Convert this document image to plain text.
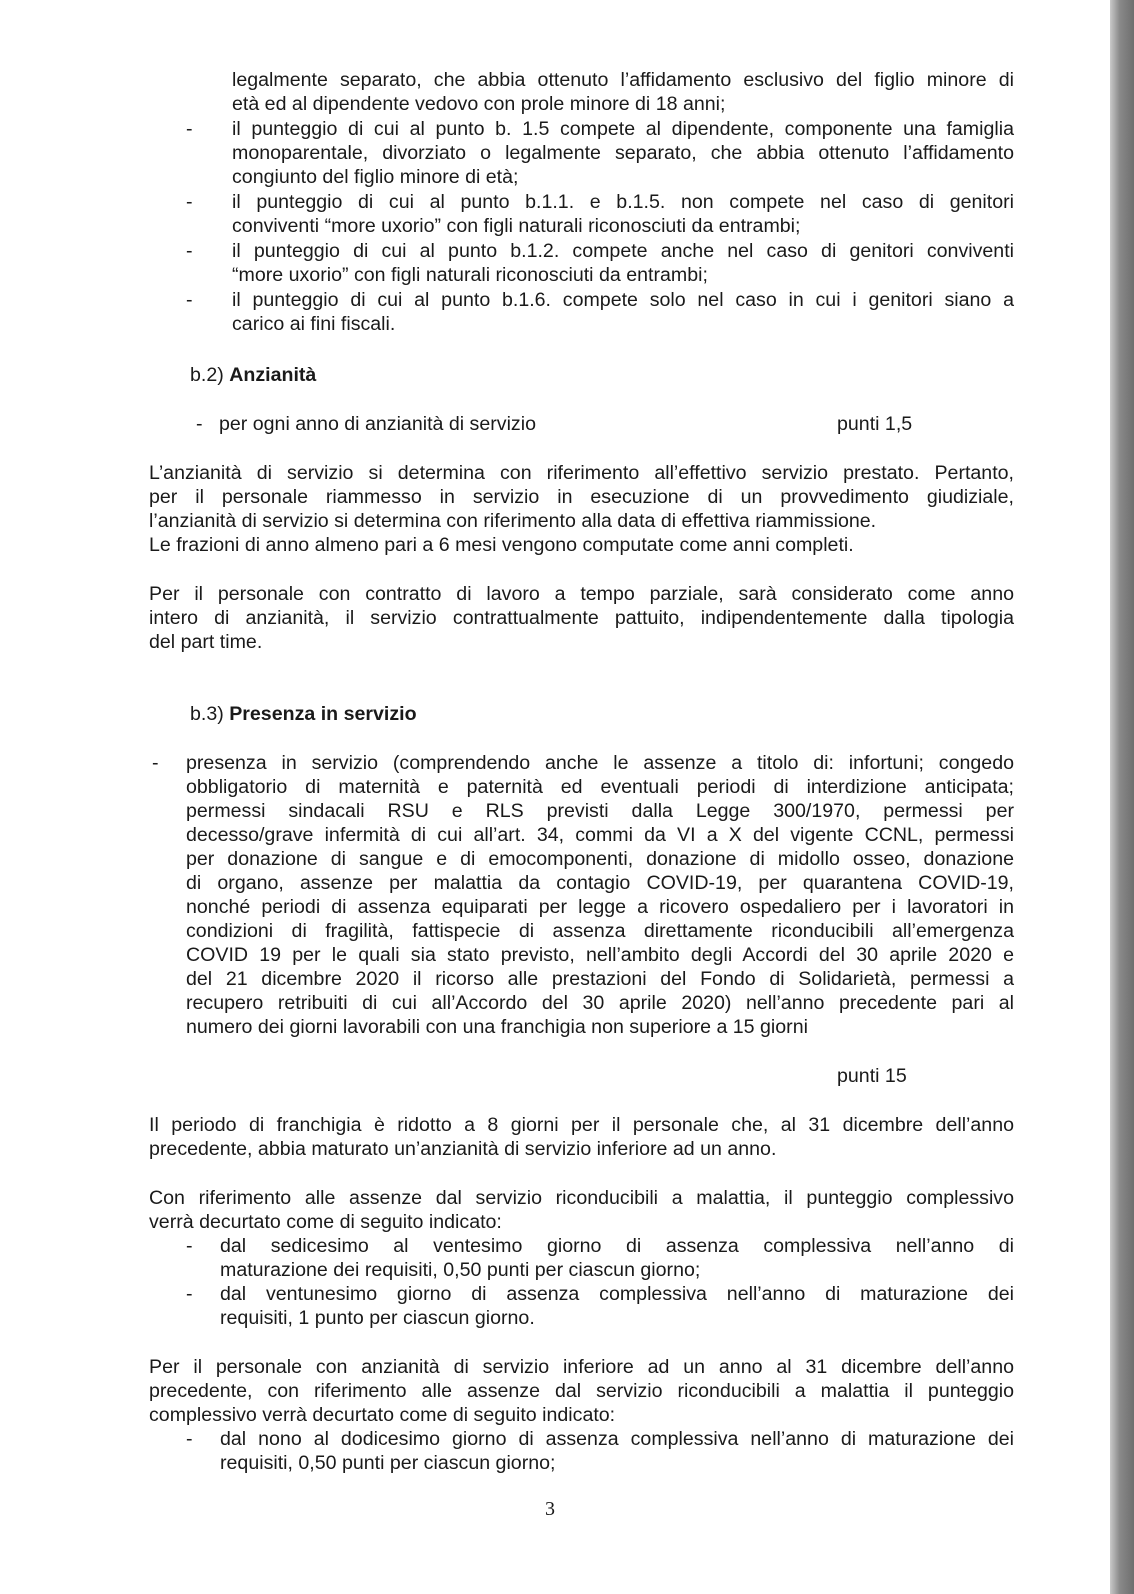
legalmente separato, che abbia ottenuto l’affidamento esclusivo del figlio minore di
età ed al dipendente vedovo con prole minore di 18 anni;
- il punteggio di cui al punto b. 1.5 compete al dipendente, componente una famiglia
monoparentale, divorziato o legalmente separato, che abbia ottenuto l’affidamento
congiunto del figlio minore di età;
- il punteggio di cui al punto b.1.1. e b.1.5. non compete nel caso di genitori
conviventi “more uxorio” con figli naturali riconosciuti da entrambi;
- il punteggio di cui al punto b.1.2. compete anche nel caso di genitori conviventi
“more uxorio” con figli naturali riconosciuti da entrambi;
- il punteggio di cui al punto b.1.6. compete solo nel caso in cui i genitori siano a
carico ai fini fiscali.
b.2) Anzianità
- per ogni anno di anzianità di servizio	punti 1,5
L’anzianità di servizio si determina con riferimento all’effettivo servizio prestato. Pertanto,
per il personale riammesso in servizio in esecuzione di un provvedimento giudiziale,
l’anzianità di servizio si determina con riferimento alla data di effettiva riammissione.
Le frazioni di anno almeno pari a 6 mesi vengono computate come anni completi.
Per il personale con contratto di lavoro a tempo parziale, sarà considerato come anno
intero di anzianità, il servizio contrattualmente pattuito, indipendentemente dalla tipologia
del part time.
b.3) Presenza in servizio
- presenza in servizio (comprendendo anche le assenze a titolo di: infortuni; congedo
obbligatorio di maternità e paternità ed eventuali periodi di interdizione anticipata;
permessi sindacali RSU e RLS previsti dalla Legge 300/1970, permessi per
decesso/grave infermità di cui all’art. 34, commi da VI a X del vigente CCNL, permessi
per donazione di sangue e di emocomponenti, donazione di midollo osseo, donazione
di organo, assenze per malattia da contagio COVID-19, per quarantena COVID-19,
nonché periodi di assenza equiparati per legge a ricovero ospedaliero per i lavoratori in
condizioni di fragilità, fattispecie di assenza direttamente riconducibili all’emergenza
COVID 19 per le quali sia stato previsto, nell’ambito degli Accordi del 30 aprile 2020 e
del 21 dicembre 2020 il ricorso alle prestazioni del Fondo di Solidarietà, permessi a
recupero retribuiti di cui all’Accordo del 30 aprile 2020) nell’anno precedente pari al
numero dei giorni lavorabili con una franchigia non superiore a 15 giorni
punti 15
Il periodo di franchigia è ridotto a 8 giorni per il personale che, al 31 dicembre dell’anno
precedente, abbia maturato un’anzianità di servizio inferiore ad un anno.
Con riferimento alle assenze dal servizio riconducibili a malattia, il punteggio complessivo
verrà decurtato come di seguito indicato:
- dal sedicesimo al ventesimo giorno di assenza complessiva nell’anno di
maturazione dei requisiti, 0,50 punti per ciascun giorno;
- dal ventunesimo giorno di assenza complessiva nell’anno di maturazione dei
requisiti, 1 punto per ciascun giorno.
Per il personale con anzianità di servizio inferiore ad un anno al 31 dicembre dell’anno
precedente, con riferimento alle assenze dal servizio riconducibili a malattia il punteggio
complessivo verrà decurtato come di seguito indicato:
- dal nono al dodicesimo giorno di assenza complessiva nell’anno di maturazione dei
requisiti, 0,50 punti per ciascun giorno;
3
